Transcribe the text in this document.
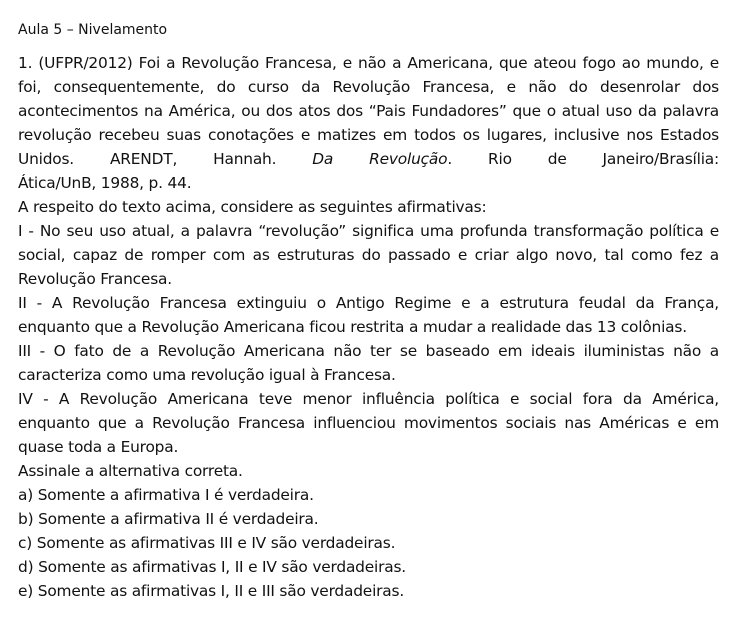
Aula 5 – Nivelamento

1. (UFPR/2012) Foi a Revolução Francesa, e não a Americana, que ateou fogo ao mundo, e foi, consequentemente, do curso da Revolução Francesa, e não do desenrolar dos acontecimentos na América, ou dos atos dos “Pais Fundadores” que o atual uso da palavra revolução recebeu suas conotações e matizes em todos os lugares, inclusive nos Estados Unidos. ARENDT, Hannah. Da Revolução. Rio de Janeiro/Brasília:

Ática/UnB, 1988, p. 44.

A respeito do texto acima, considere as seguintes afirmativas:

I - No seu uso atual, a palavra “revolução” significa uma profunda transformação política e social, capaz de romper com as estruturas do passado e criar algo novo, tal como fez a Revolução Francesa.

II - A Revolução Francesa extinguiu o Antigo Regime e a estrutura feudal da França, enquanto que a Revolução Americana ficou restrita a mudar a realidade das 13 colônias.

III - O fato de a Revolução Americana não ter se baseado em ideais iluministas não a caracteriza como uma revolução igual à Francesa.

IV - A Revolução Americana teve menor influência política e social fora da América, enquanto que a Revolução Francesa influenciou movimentos sociais nas Américas e em quase toda a Europa.

Assinale a alternativa correta.

a) Somente a afirmativa I é verdadeira.

b) Somente a afirmativa II é verdadeira.

c) Somente as afirmativas III e IV são verdadeiras.

d) Somente as afirmativas I, II e IV são verdadeiras.

e) Somente as afirmativas I, II e III são verdadeiras.
